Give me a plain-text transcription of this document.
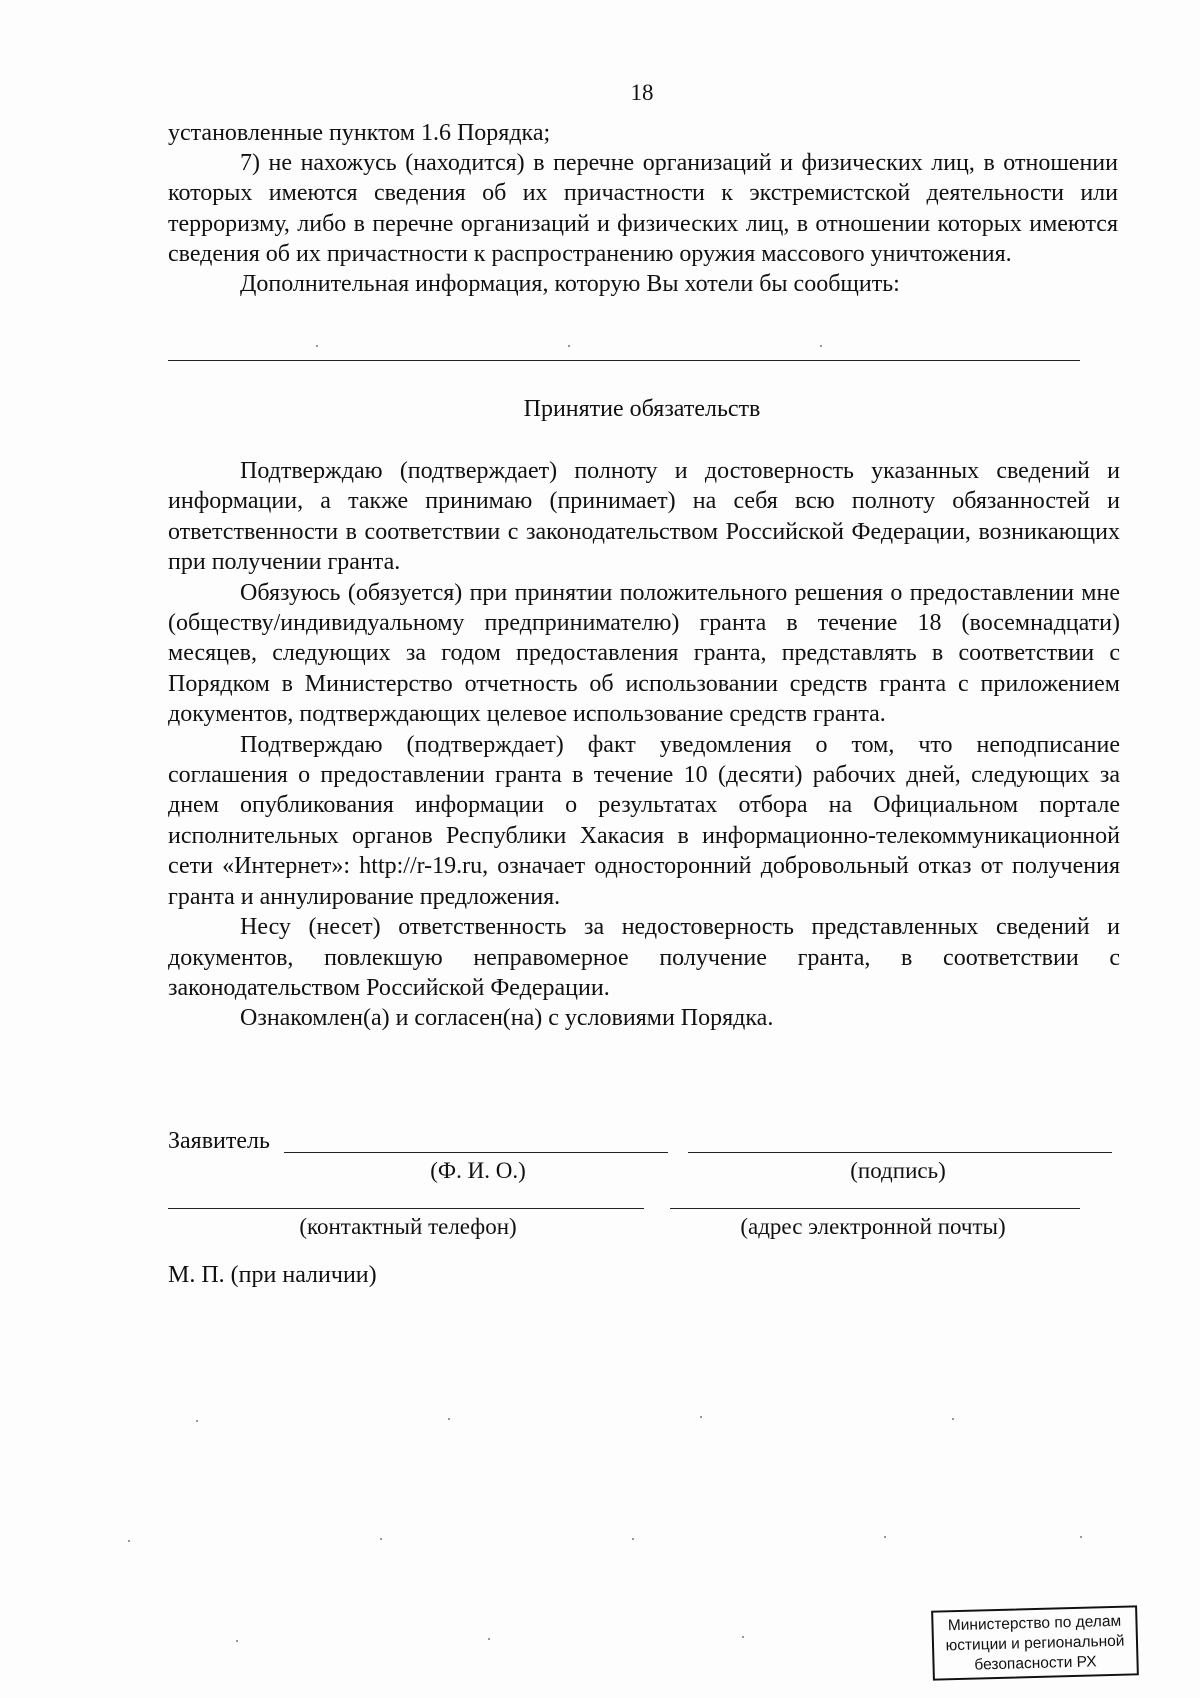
18

установленные пунктом 1.6 Порядка;

7) не нахожусь (находится) в перечне организаций и физических лиц, в отношении которых имеются сведения об их причастности к экстремистской деятельности или терроризму, либо в перечне организаций и физических лиц, в отношении которых имеются сведения об их причастности к распространению оружия массового уничтожения.

Дополнительная информация, которую Вы хотели бы сообщить:

Принятие обязательств

Подтверждаю (подтверждает) полноту и достоверность указанных сведений и информации, а также принимаю (принимает) на себя всю полноту обязанностей и ответственности в соответствии с законодательством Российской Федерации, возникающих при получении гранта.

Обязуюсь (обязуется) при принятии положительного решения о предоставлении мне (обществу/индивидуальному предпринимателю) гранта в течение 18 (восемнадцати) месяцев, следующих за годом предоставления гранта, представлять в соответствии с Порядком в Министерство отчетность об использовании средств гранта с приложением документов, подтверждающих целевое использование средств гранта.

Подтверждаю (подтверждает) факт уведомления о том, что неподписание соглашения о предоставлении гранта в течение 10 (десяти) рабочих дней, следующих за днем опубликования информации о результатах отбора на Официальном портале исполнительных органов Республики Хакасия в информационно-телекоммуникационной сети «Интернет»: http://r-19.ru, означает односторонний добровольный отказ от получения гранта и аннулирование предложения.

Несу (несет) ответственность за недостоверность представленных сведений и документов, повлекшую неправомерное получение гранта, в соответствии с законодательством Российской Федерации.

Ознакомлен(а) и согласен(на) с условиями Порядка.

Заявитель
(Ф. И. О.)	(подпись)
(контактный телефон)	(адрес электронной почты)
М. П. (при наличии)
Министерство по делам
юстиции и региональной
безопасности РХ
